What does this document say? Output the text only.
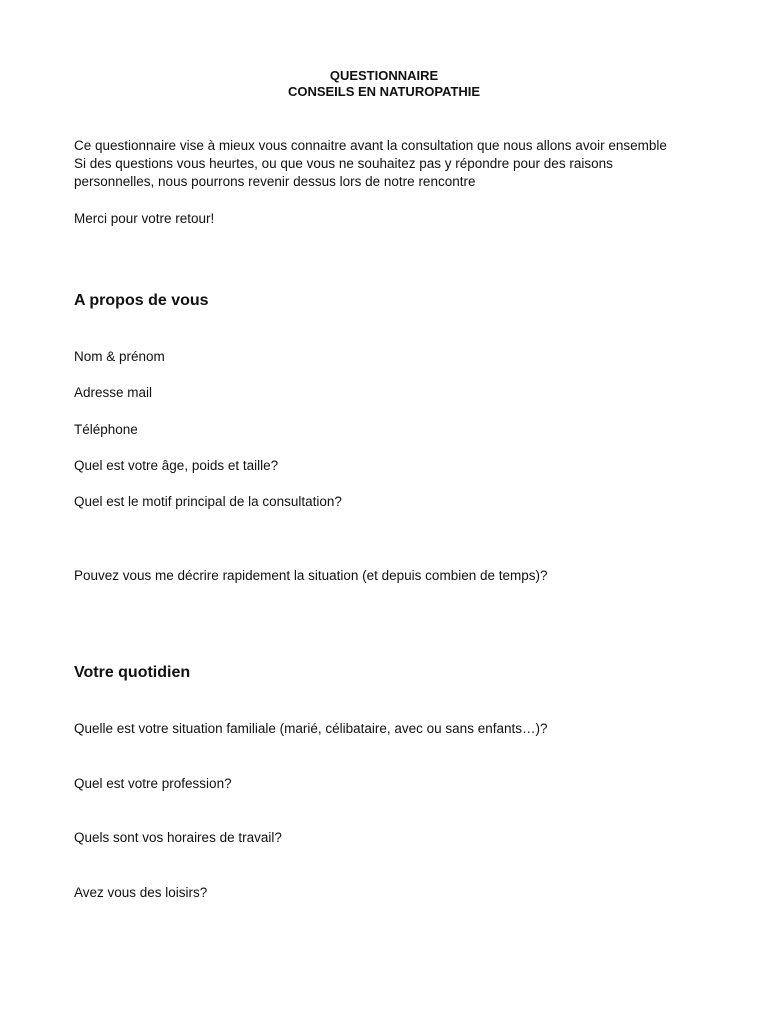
QUESTIONNAIRE
CONSEILS EN NATUROPATHIE

Ce questionnaire vise à mieux vous connaitre avant la consultation que nous allons avoir ensemble

Si des questions vous heurtes, ou que vous ne souhaitez pas y répondre pour des raisons personnelles, nous pourrons revenir dessus lors de notre rencontre

Merci pour votre retour!

A propos de vous
Nom & prénom
Adresse mail
Téléphone
Quel est votre âge, poids et taille?
Quel est le motif principal de la consultation?
Pouvez vous me décrire rapidement la situation (et depuis combien de temps)?
Votre quotidien
Quelle est votre situation familiale (marié, célibataire, avec ou sans enfants…)?
Quel est votre profession?
Quels sont vos horaires de travail?
Avez vous des loisirs?
